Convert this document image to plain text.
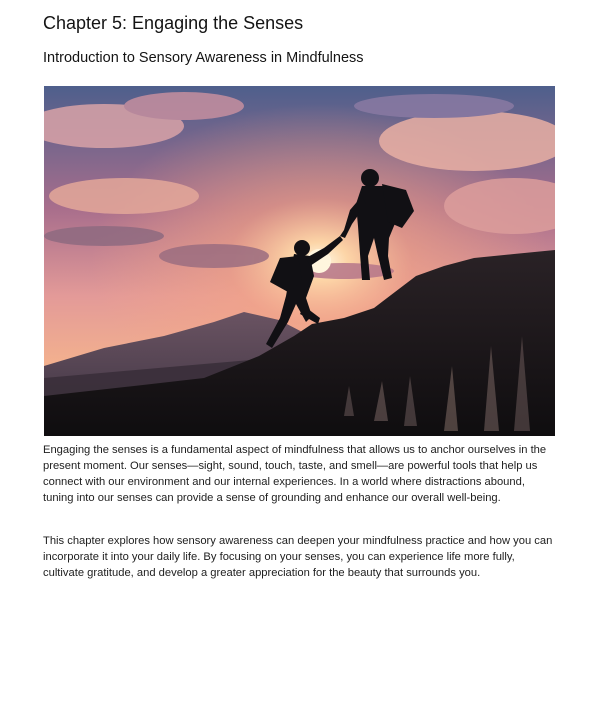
Chapter 5: Engaging the Senses
Introduction to Sensory Awareness in Mindfulness

Engaging the senses is a fundamental aspect of mindfulness that allows us to anchor ourselves in the present moment. Our senses—sight, sound, touch, taste, and smell—are powerful tools that help us connect with our environment and our internal experiences. In a world where distractions abound, tuning into our senses can provide a sense of grounding and enhance our overall well-being.

This chapter explores how sensory awareness can deepen your mindfulness practice and how you can incorporate it into your daily life. By focusing on your senses, you can experience life more fully, cultivate gratitude, and develop a greater appreciation for the beauty that surrounds you.
